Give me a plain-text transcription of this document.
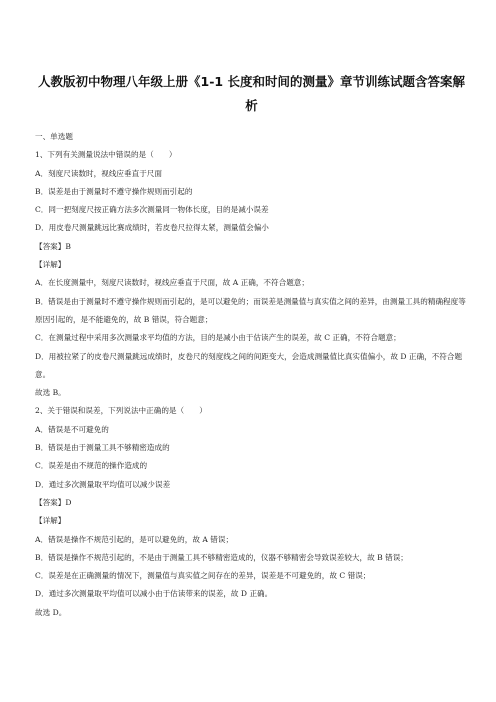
人教版初中物理八年级上册《1-1 长度和时间的测量》章节训练试题含答案解
析
一、单选题
1、下列有关测量说法中错误的是（　　）
A．刻度尺读数时，视线应垂直于尺面
B．误差是由于测量时不遵守操作规则而引起的
C．同一把刻度尺按正确方法多次测量同一物体长度，目的是减小误差
D．用皮卷尺测量跳远比赛成绩时，若皮卷尺拉得太紧，测量值会偏小
【答案】B
【详解】
A．在长度测量中，刻度尺读数时，视线应垂直于尺面，故 A 正确，不符合题意；
B．错误是由于测量时不遵守操作规则而引起的，是可以避免的；而误差是测量值与真实值之间的差异，由测量工具的精确程度等原因引起的，是不能避免的，故 B 错误，符合题意；
C．在测量过程中采用多次测量求平均值的方法，目的是减小由于估读产生的误差，故 C 正确，不符合题意；
D．用被拉紧了的皮卷尺测量跳远成绩时，皮卷尺的刻度线之间的间距变大，会造成测量值比真实值偏小，故 D 正确，不符合题意。
故选 B。
2、关于错误和误差，下列说法中正确的是（　　）
A．错误是不可避免的
B．错误是由于测量工具不够精密造成的
C．误差是由不规范的操作造成的
D．通过多次测量取平均值可以减少误差
【答案】D
【详解】
A．错误是操作不规范引起的，是可以避免的，故 A 错误；
B．错误是操作不规范引起的，不是由于测量工具不够精密造成的，仪器不够精密会导致误差较大，故 B 错误；
C．误差是在正确测量的情况下，测量值与真实值之间存在的差异，误差是不可避免的，故 C 错误；
D．通过多次测量取平均值可以减小由于估读带来的误差，故 D 正确。
故选 D。
